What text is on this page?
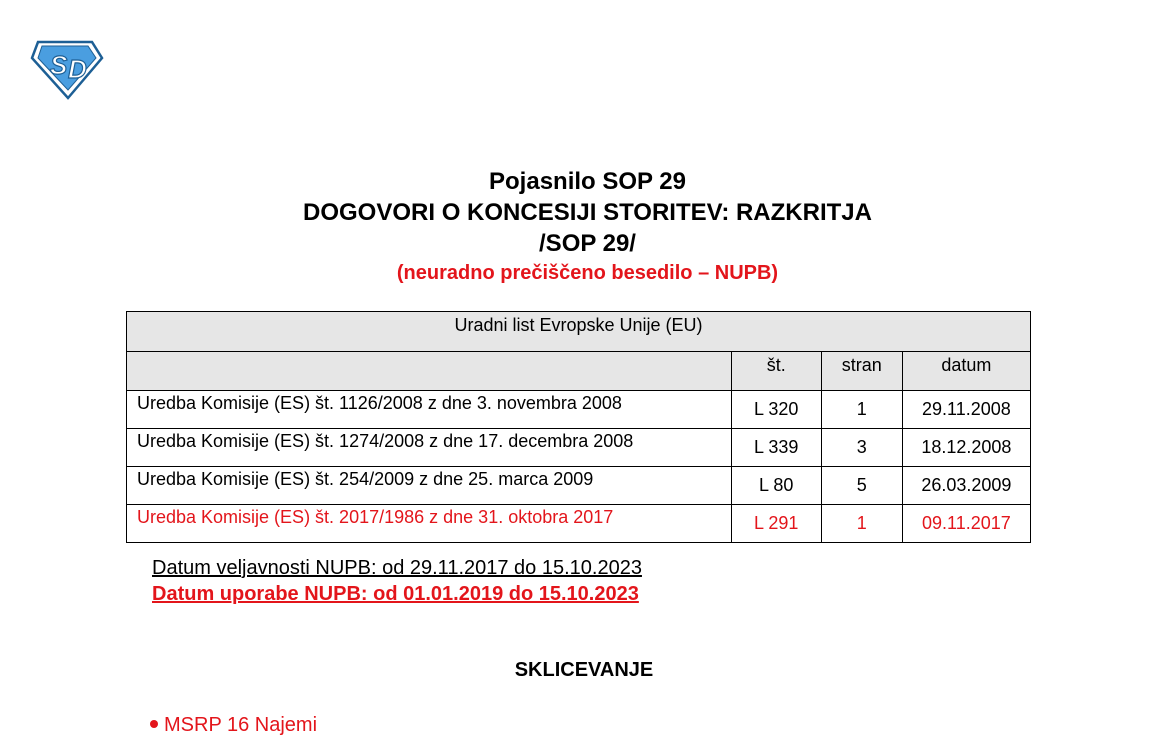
S D

Pojasnilo SOP 29

DOGOVORI O KONCESIJI STORITEV: RAZKRITJA

/SOP 29/

(neuradno prečiščeno besedilo – NUPB)

Uradni list Evropske Unije (EU)			
	št.	stran	datum
Uredba Komisije (ES) št. 1126/2008 z dne 3. novembra 2008	L 320	1	29.11.2008
Uredba Komisije (ES) št. 1274/2008 z dne 17. decembra 2008	L 339	3	18.12.2008
Uredba Komisije (ES) št. 254/2009 z dne 25. marca 2009	L 80	5	26.03.2009
Uredba Komisije (ES) št. 2017/1986 z dne 31. oktobra 2017	L 291	1	09.11.2017
Datum veljavnosti NUPB: od 29.11.2017 do 15.10.2023
Datum uporabe NUPB: od 01.01.2019 do 15.10.2023
SKLICEVANJE
MSRP 16 Najemi
